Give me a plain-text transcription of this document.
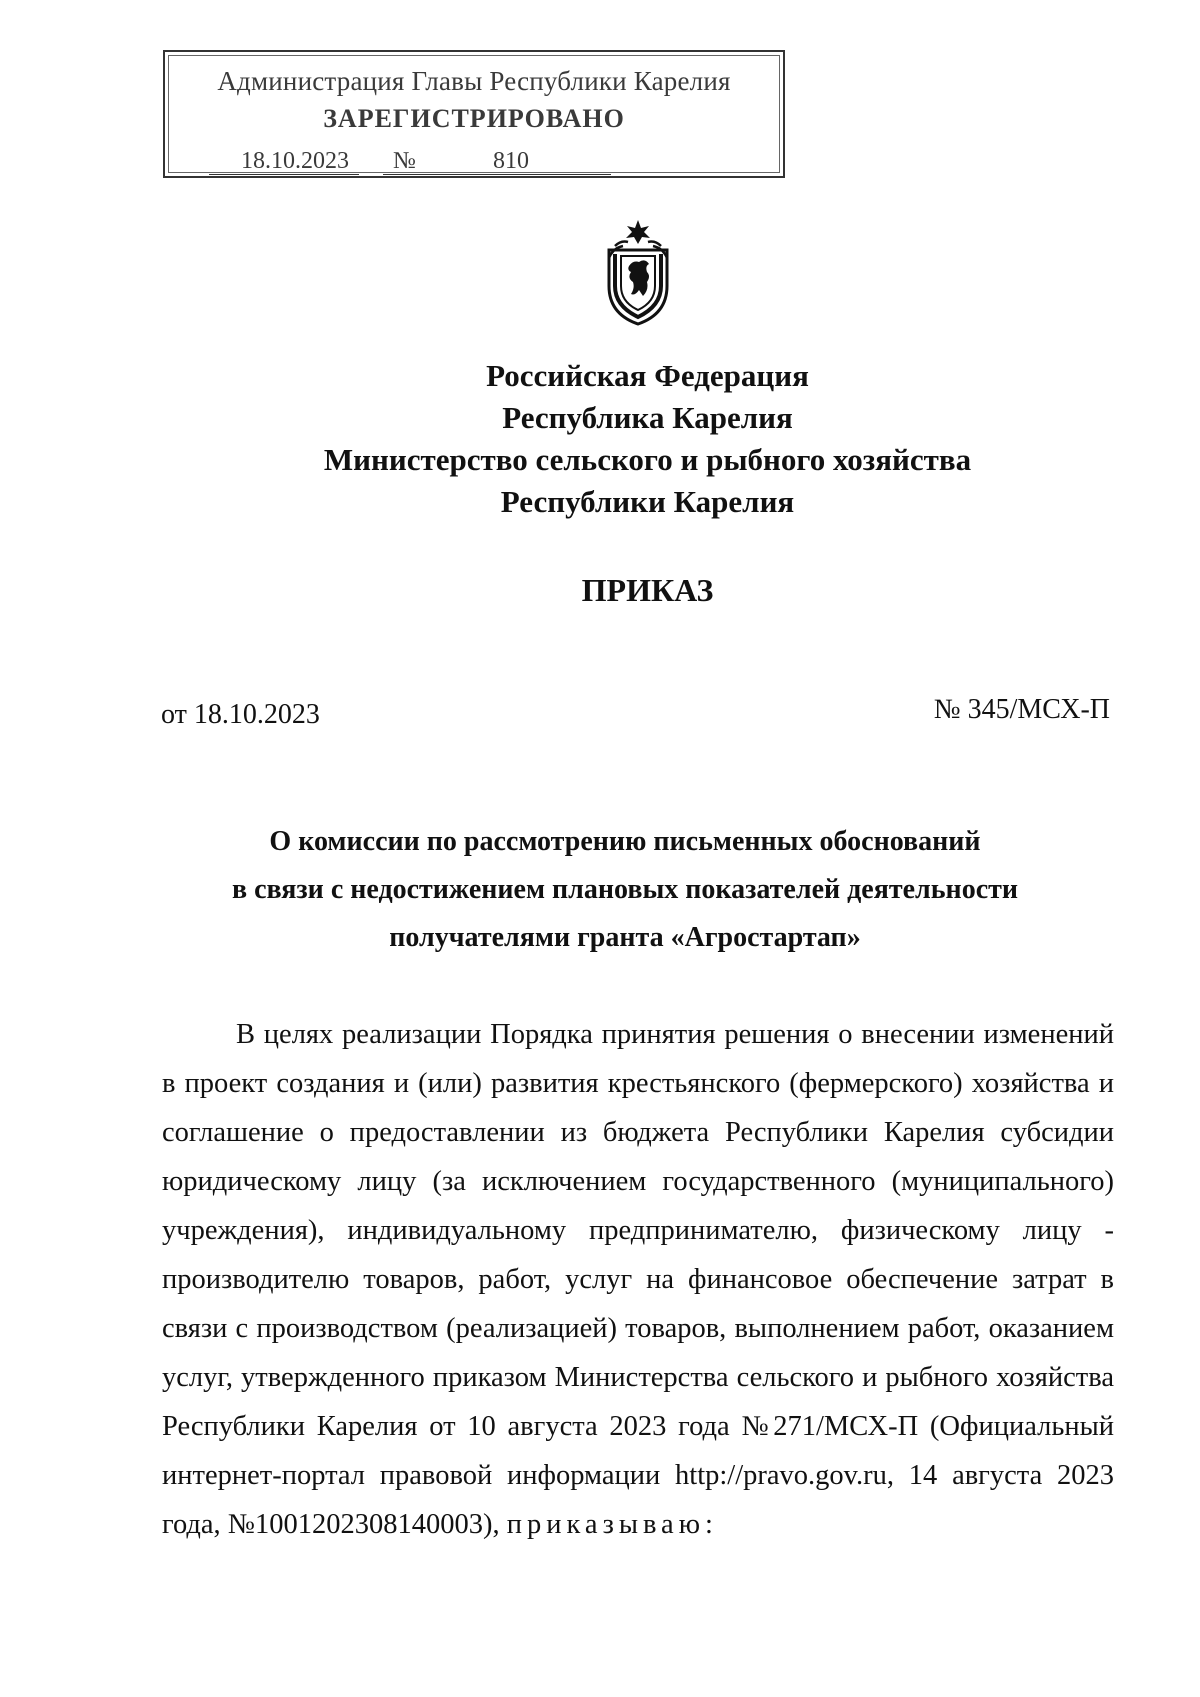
Администрация Главы Республики Карелия
ЗАРЕГИСТРИРОВАНО
18.10.2023	810
№
Российская Федерация
Республика Карелия
Министерство сельского и рыбного хозяйства
Республики Карелия
ПРИКАЗ
от 18.10.2023	№ 345/МСХ-П
О комиссии по рассмотрению письменных обоснований
в связи с недостижением плановых показателей деятельности
получателями гранта «Агростартап»
В целях реализации Порядка принятия решения о внесении изменений в проект создания и (или) развития крестьянского (фермерского) хозяйства и соглашение о предоставлении из бюджета Республики Карелия субсидии юридическому лицу (за исключением государственного (муниципального) учреждения), индивидуальному предпринимателю, физическому лицу - производителю товаров, работ, услуг на финансовое обеспечение затрат в связи с производством (реализацией) товаров, выполнением работ, оказанием услуг, утвержденного приказом Министерства сельского и рыбного хозяйства Республики Карелия от 10 августа 2023 года №271/МСХ-П (Официальный интернет-портал правовой информации http://pravo.gov.ru, 14 августа 2023 года, №1001202308140003), приказываю:
